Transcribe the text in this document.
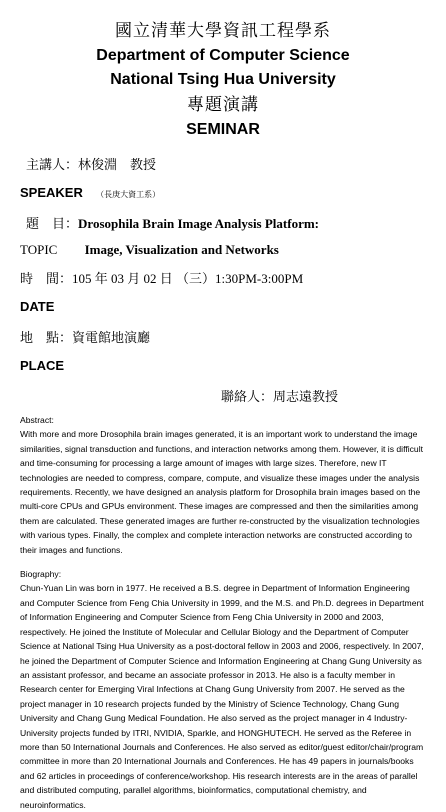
國立清華大學資訊工程學系
Department of Computer Science
National Tsing Hua University
專題演講
SEMINAR
主講人：林俊淵　教授
SPEAKER （長庚大資工系）
題　目：Drosophila Brain Image Analysis Platform:
TOPIC Image, Visualization and Networks
時　間：105 年 03 月 02 日 （三）1:30PM-3:00PM
DATE
地　點：資電館地演廳
PLACE
聯絡人：周志遠教授

Abstract:

With more and more Drosophila brain images generated, it is an important work to understand the image similarities, signal transduction and functions, and interaction networks among them. However, it is difficult and time-consuming for processing a large amount of images with large sizes. Therefore, new IT technologies are needed to compress, compare, compute, and visualize these images under the analysis requirements. Recently, we have designed an analysis platform for Drosophila brain images based on the multi-core CPUs and GPUs environment. These images are compressed and then the similarities among them are calculated. These generated images are further re-constructed by the visualization technologies with various types. Finally, the complex and complete interaction networks are constructed according to their images and functions.

Biography:

Chun-Yuan Lin was born in 1977. He received a B.S. degree in Department of Information Engineering and Computer Science from Feng Chia University in 1999, and the M.S. and Ph.D. degrees in Department of Information Engineering and Computer Science from Feng Chia University in 2000 and 2003, respectively. He joined the Institute of Molecular and Cellular Biology and the Department of Computer Science at National Tsing Hua University as a post-doctoral fellow in 2003 and 2006, respectively. In 2007, he joined the Department of Computer Science and Information Engineering at Chang Gung University as an assistant professor, and became an associate professor in 2013. He also is a faculty member in Research center for Emerging Viral Infections at Chang Gung University from 2007. He served as the project manager in 10 research projects funded by the Ministry of Science Technology, Chang Gung University and Chang Gung Medical Foundation. He also served as the project manager in 4 Industry-University projects funded by ITRI, NVIDIA, Sparkle, and HONGHUTECH. He served as the Referee in more than 50 International Journals and Conferences. He also served as editor/guest editor/chair/program committee in more than 20 International Journals and Conferences. He has 49 papers in journals/books and 62 articles in proceedings of conference/workshop. His research interests are in the areas of parallel and distributed computing, parallel algorithms, bioinformatics, computational chemistry, and neuroinformatics.
